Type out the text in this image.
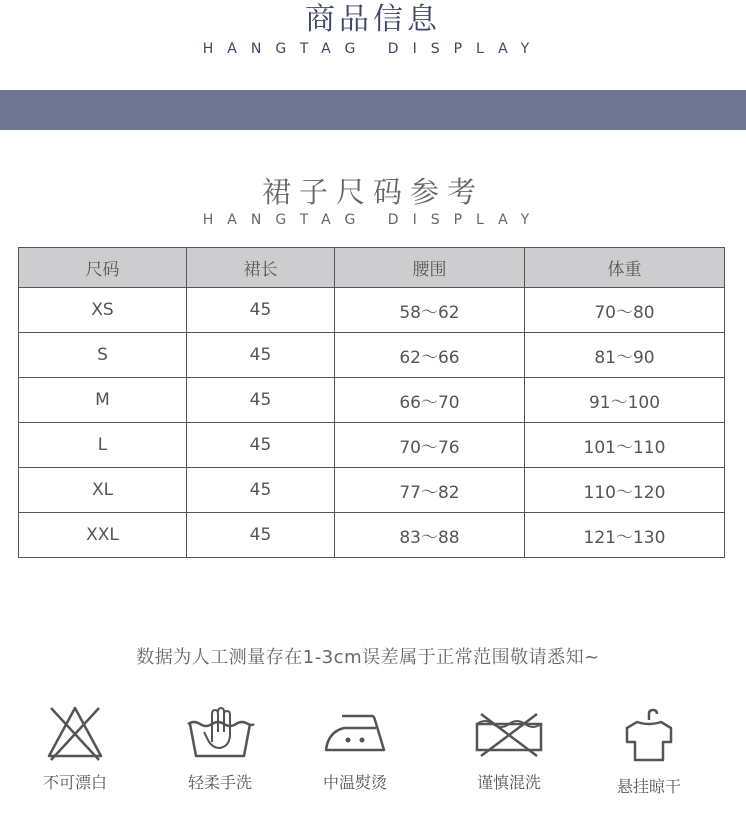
商品信息
HANGTAG DISPLAY
裙子尺码参考
HANGTAG DISPLAY
尺码	裙长	腰围	体重
XS	45	58～62	70～80
S	45	62～66	81～90
M	45	66～70	91～100
L	45	70～76	101～110
XL	45	77～82	110～120
XXL	45	83～88	121～130
数据为人工测量存在1-3cm误差属于正常范围敬请悉知~
不可漂白	轻柔手洗	中温熨烫	谨慎混洗	悬挂晾干
